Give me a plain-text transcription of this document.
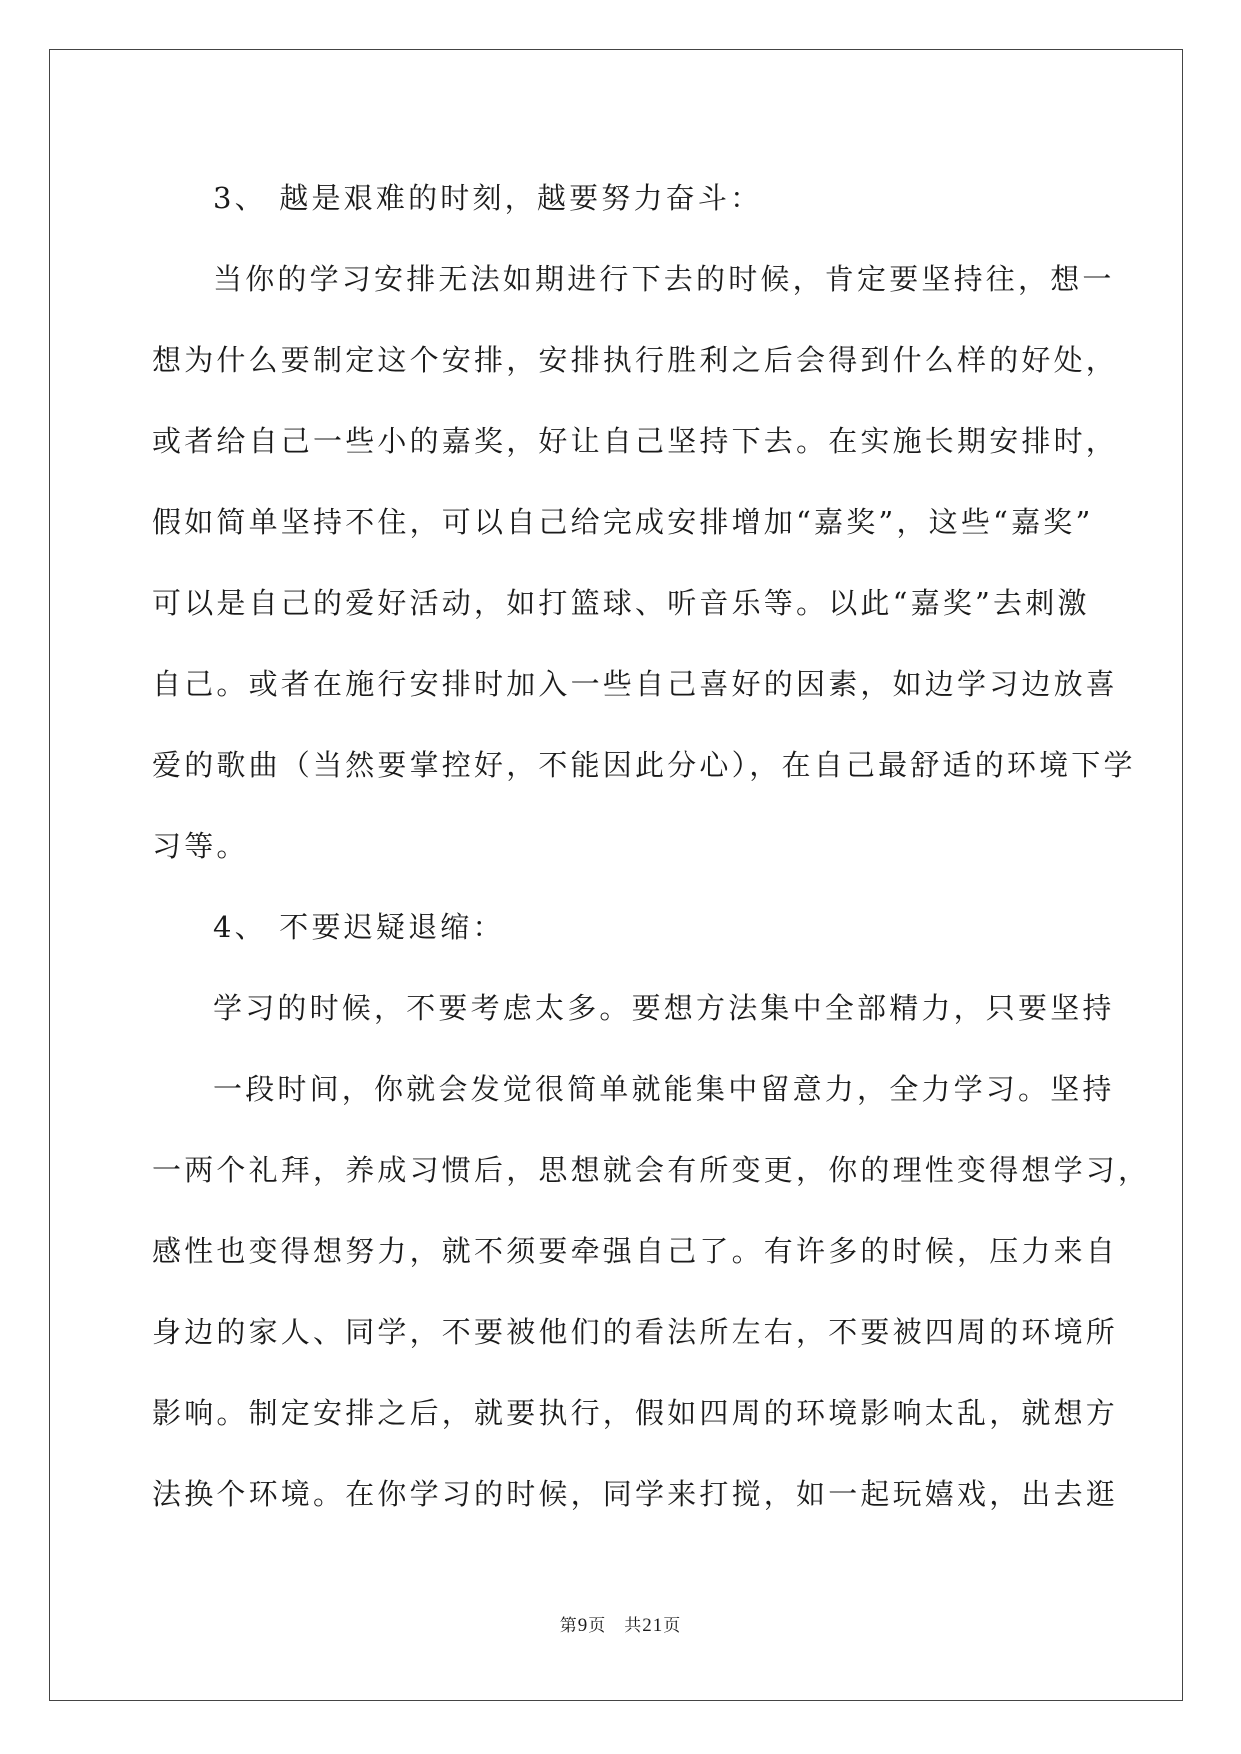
3、 越是艰难的时刻，越要努力奋斗：
当你的学习安排无法如期进行下去的时候，肯定要坚持往，想一
想为什么要制定这个安排，安排执行胜利之后会得到什么样的好处，
或者给自己一些小的嘉奖，好让自己坚持下去。在实施长期安排时，
假如简单坚持不住，可以自己给完成安排增加“嘉奖”，这些“嘉奖”
可以是自己的爱好活动，如打篮球、听音乐等。以此“嘉奖”去刺激
自己。或者在施行安排时加入一些自己喜好的因素，如边学习边放喜
爱的歌曲（当然要掌控好，不能因此分心），在自己最舒适的环境下学
习等。
4、 不要迟疑退缩：
学习的时候，不要考虑太多。要想方法集中全部精力，只要坚持
一段时间，你就会发觉很简单就能集中留意力，全力学习。坚持
一两个礼拜，养成习惯后，思想就会有所变更，你的理性变得想学习，
感性也变得想努力，就不须要牵强自己了。有许多的时候，压力来自
身边的家人、同学，不要被他们的看法所左右，不要被四周的环境所
影响。制定安排之后，就要执行，假如四周的环境影响太乱，就想方
法换个环境。在你学习的时候，同学来打搅，如一起玩嬉戏，出去逛
第9页 共21页
